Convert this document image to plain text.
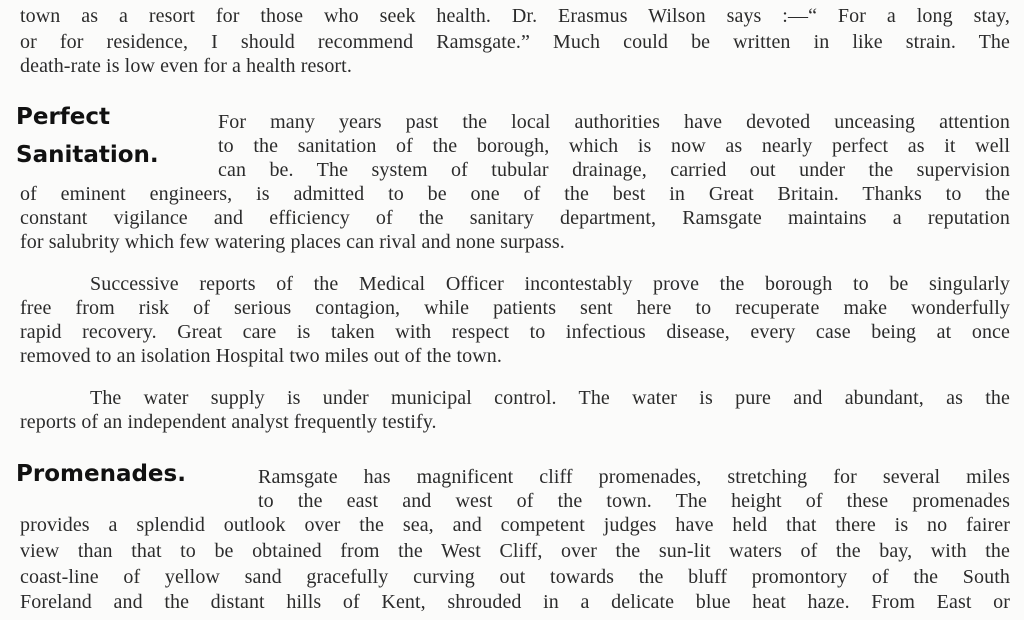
town as a resort for those who seek health. Dr. Erasmus Wilson says :—“ For a long stay,
or for residence, I should recommend Ramsgate.” Much could be written in like strain. The
death-rate is low even for a health resort.
Perfect
Sanitation.
For many years past the local authorities have devoted unceasing attention
to the sanitation of the borough, which is now as nearly perfect as it well
can be. The system of tubular drainage, carried out under the supervision
of eminent engineers, is admitted to be one of the best in Great Britain. Thanks to the
constant vigilance and efficiency of the sanitary department, Ramsgate maintains a reputation
for salubrity which few watering places can rival and none surpass.
Successive reports of the Medical Officer incontestably prove the borough to be singularly
free from risk of serious contagion, while patients sent here to recuperate make wonderfully
rapid recovery. Great care is taken with respect to infectious disease, every case being at once
removed to an isolation Hospital two miles out of the town.
The water supply is under municipal control. The water is pure and abundant, as the
reports of an independent analyst frequently testify.
Promenades.	Ramsgate has magnificent cliff promenades, stretching for several miles
to the east and west of the town. The height of these promenades
provides a splendid outlook over the sea, and competent judges have held that there is no fairer
view than that to be obtained from the West Cliff, over the sun-lit waters of the bay, with the
coast-line of yellow sand gracefully curving out towards the bluff promontory of the South
Foreland and the distant hills of Kent, shrouded in a delicate blue heat haze. From East or
